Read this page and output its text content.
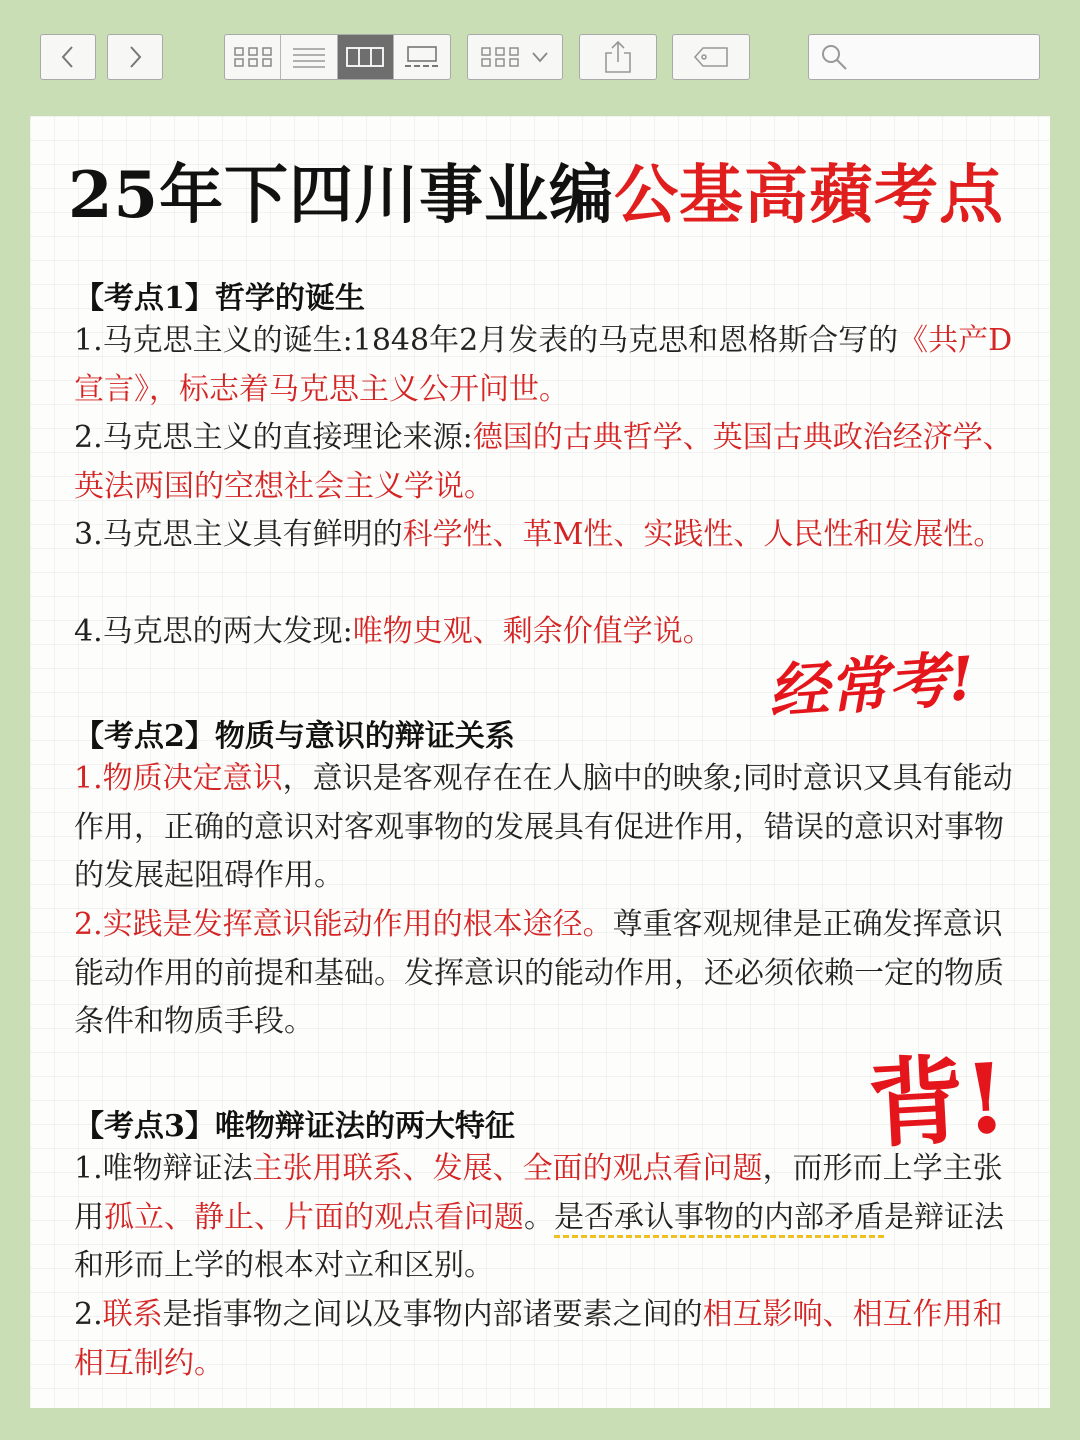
25年下四川事业编公基高蘋考点
【考点1】哲学的诞生

1.马克思主义的诞生:1848年2月发表的马克思和恩格斯合写的《共产D宣言》，标志着马克思主义公开问世。

2.马克思主义的直接理论来源:德国的古典哲学、英国古典政治经济学、英法两国的空想社会主义学说。

3.马克思主义具有鲜明的科学性、革M性、实践性、人民性和发展性。

4.马克思的两大发现:唯物史观、剩余价值学说。

经常考!
【考点2】物质与意识的辩证关系

1.物质决定意识，意识是客观存在在人脑中的映象;同时意识又具有能动作用，正确的意识对客观事物的发展具有促进作用，错误的意识对事物的发展起阻碍作用。

2.实践是发挥意识能动作用的根本途径。尊重客观规律是正确发挥意识能动作用的前提和基础。发挥意识的能动作用，还必须依赖一定的物质条件和物质手段。

背!
【考点3】唯物辩证法的两大特征

1.唯物辩证法主张用联系、发展、全面的观点看问题，而形而上学主张用孤立、静止、片面的观点看问题。是否承认事物的内部矛盾是辩证法和形而上学的根本对立和区别。

2.联系是指事物之间以及事物内部诸要素之间的相互影响、相互作用和相互制约。
